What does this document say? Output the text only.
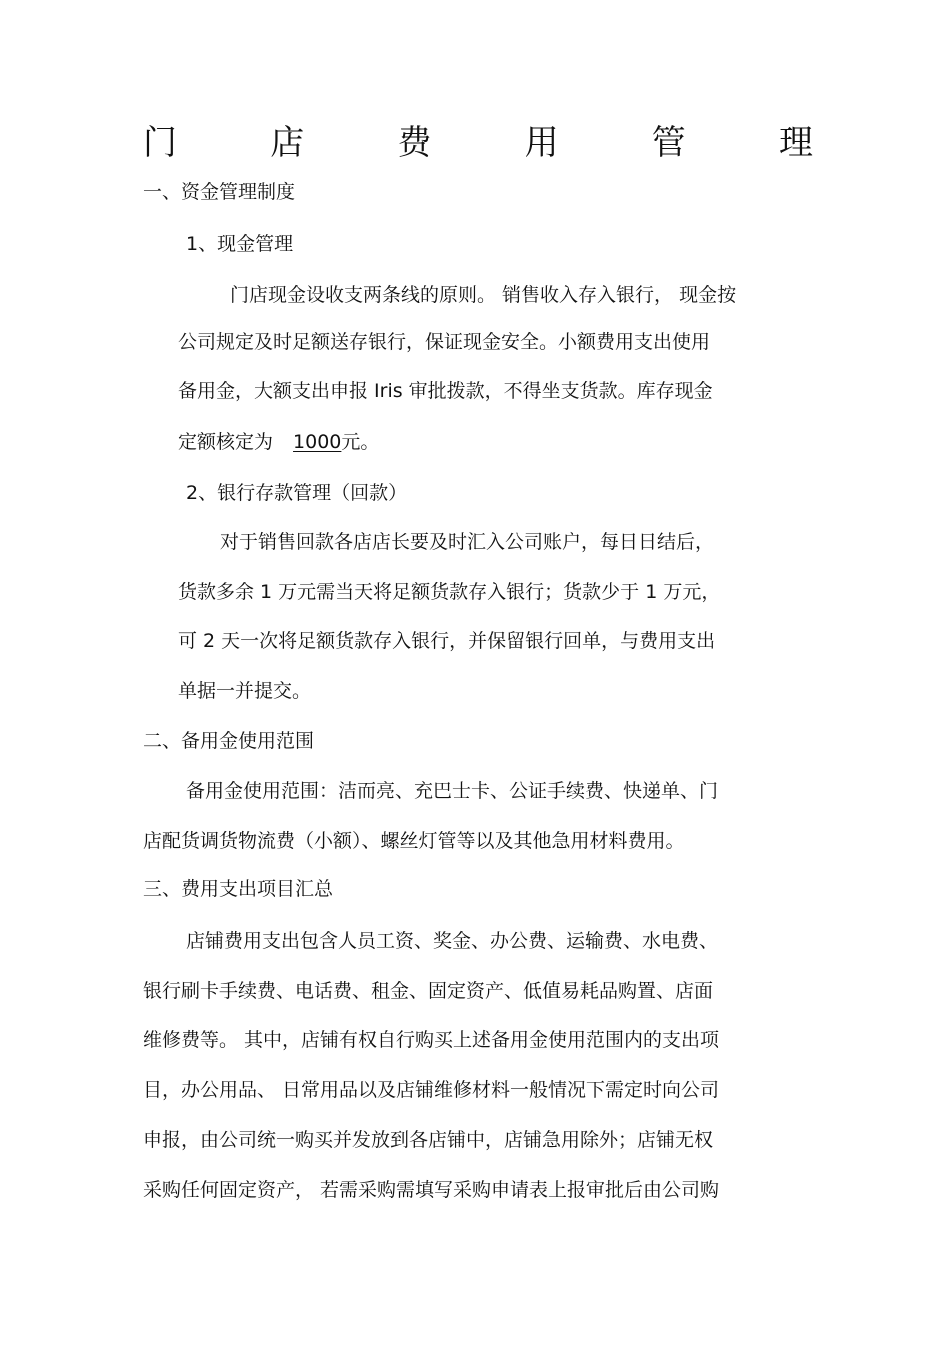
门	店	费	用	管	理
一、资金管理制度
1、现金管理
门店现金设收支两条线的原则。 销售收入存入银行， 现金按
公司规定及时足额送存银行，保证现金安全。小额费用支出使用
备用金，大额支出申报 Iris 审批拨款，不得坐支货款。库存现金
定额核定为 1000元。
2、银行存款管理（回款）
对于销售回款各店店长要及时汇入公司账户，每日日结后，
货款多余 1 万元需当天将足额货款存入银行；货款少于 1 万元，
可 2 天一次将足额货款存入银行，并保留银行回单，与费用支出
单据一并提交。
二、备用金使用范围
备用金使用范围：洁而亮、充巴士卡、公证手续费、快递单、门
店配货调货物流费（小额）、螺丝灯管等以及其他急用材料费用。
三、费用支出项目汇总
店铺费用支出包含人员工资、奖金、办公费、运输费、水电费、
银行刷卡手续费、电话费、租金、固定资产、低值易耗品购置、店面
维修费等。 其中，店铺有权自行购买上述备用金使用范围内的支出项
目，办公用品、 日常用品以及店铺维修材料一般情况下需定时向公司
申报，由公司统一购买并发放到各店铺中，店铺急用除外；店铺无权
采购任何固定资产， 若需采购需填写采购申请表上报审批后由公司购
